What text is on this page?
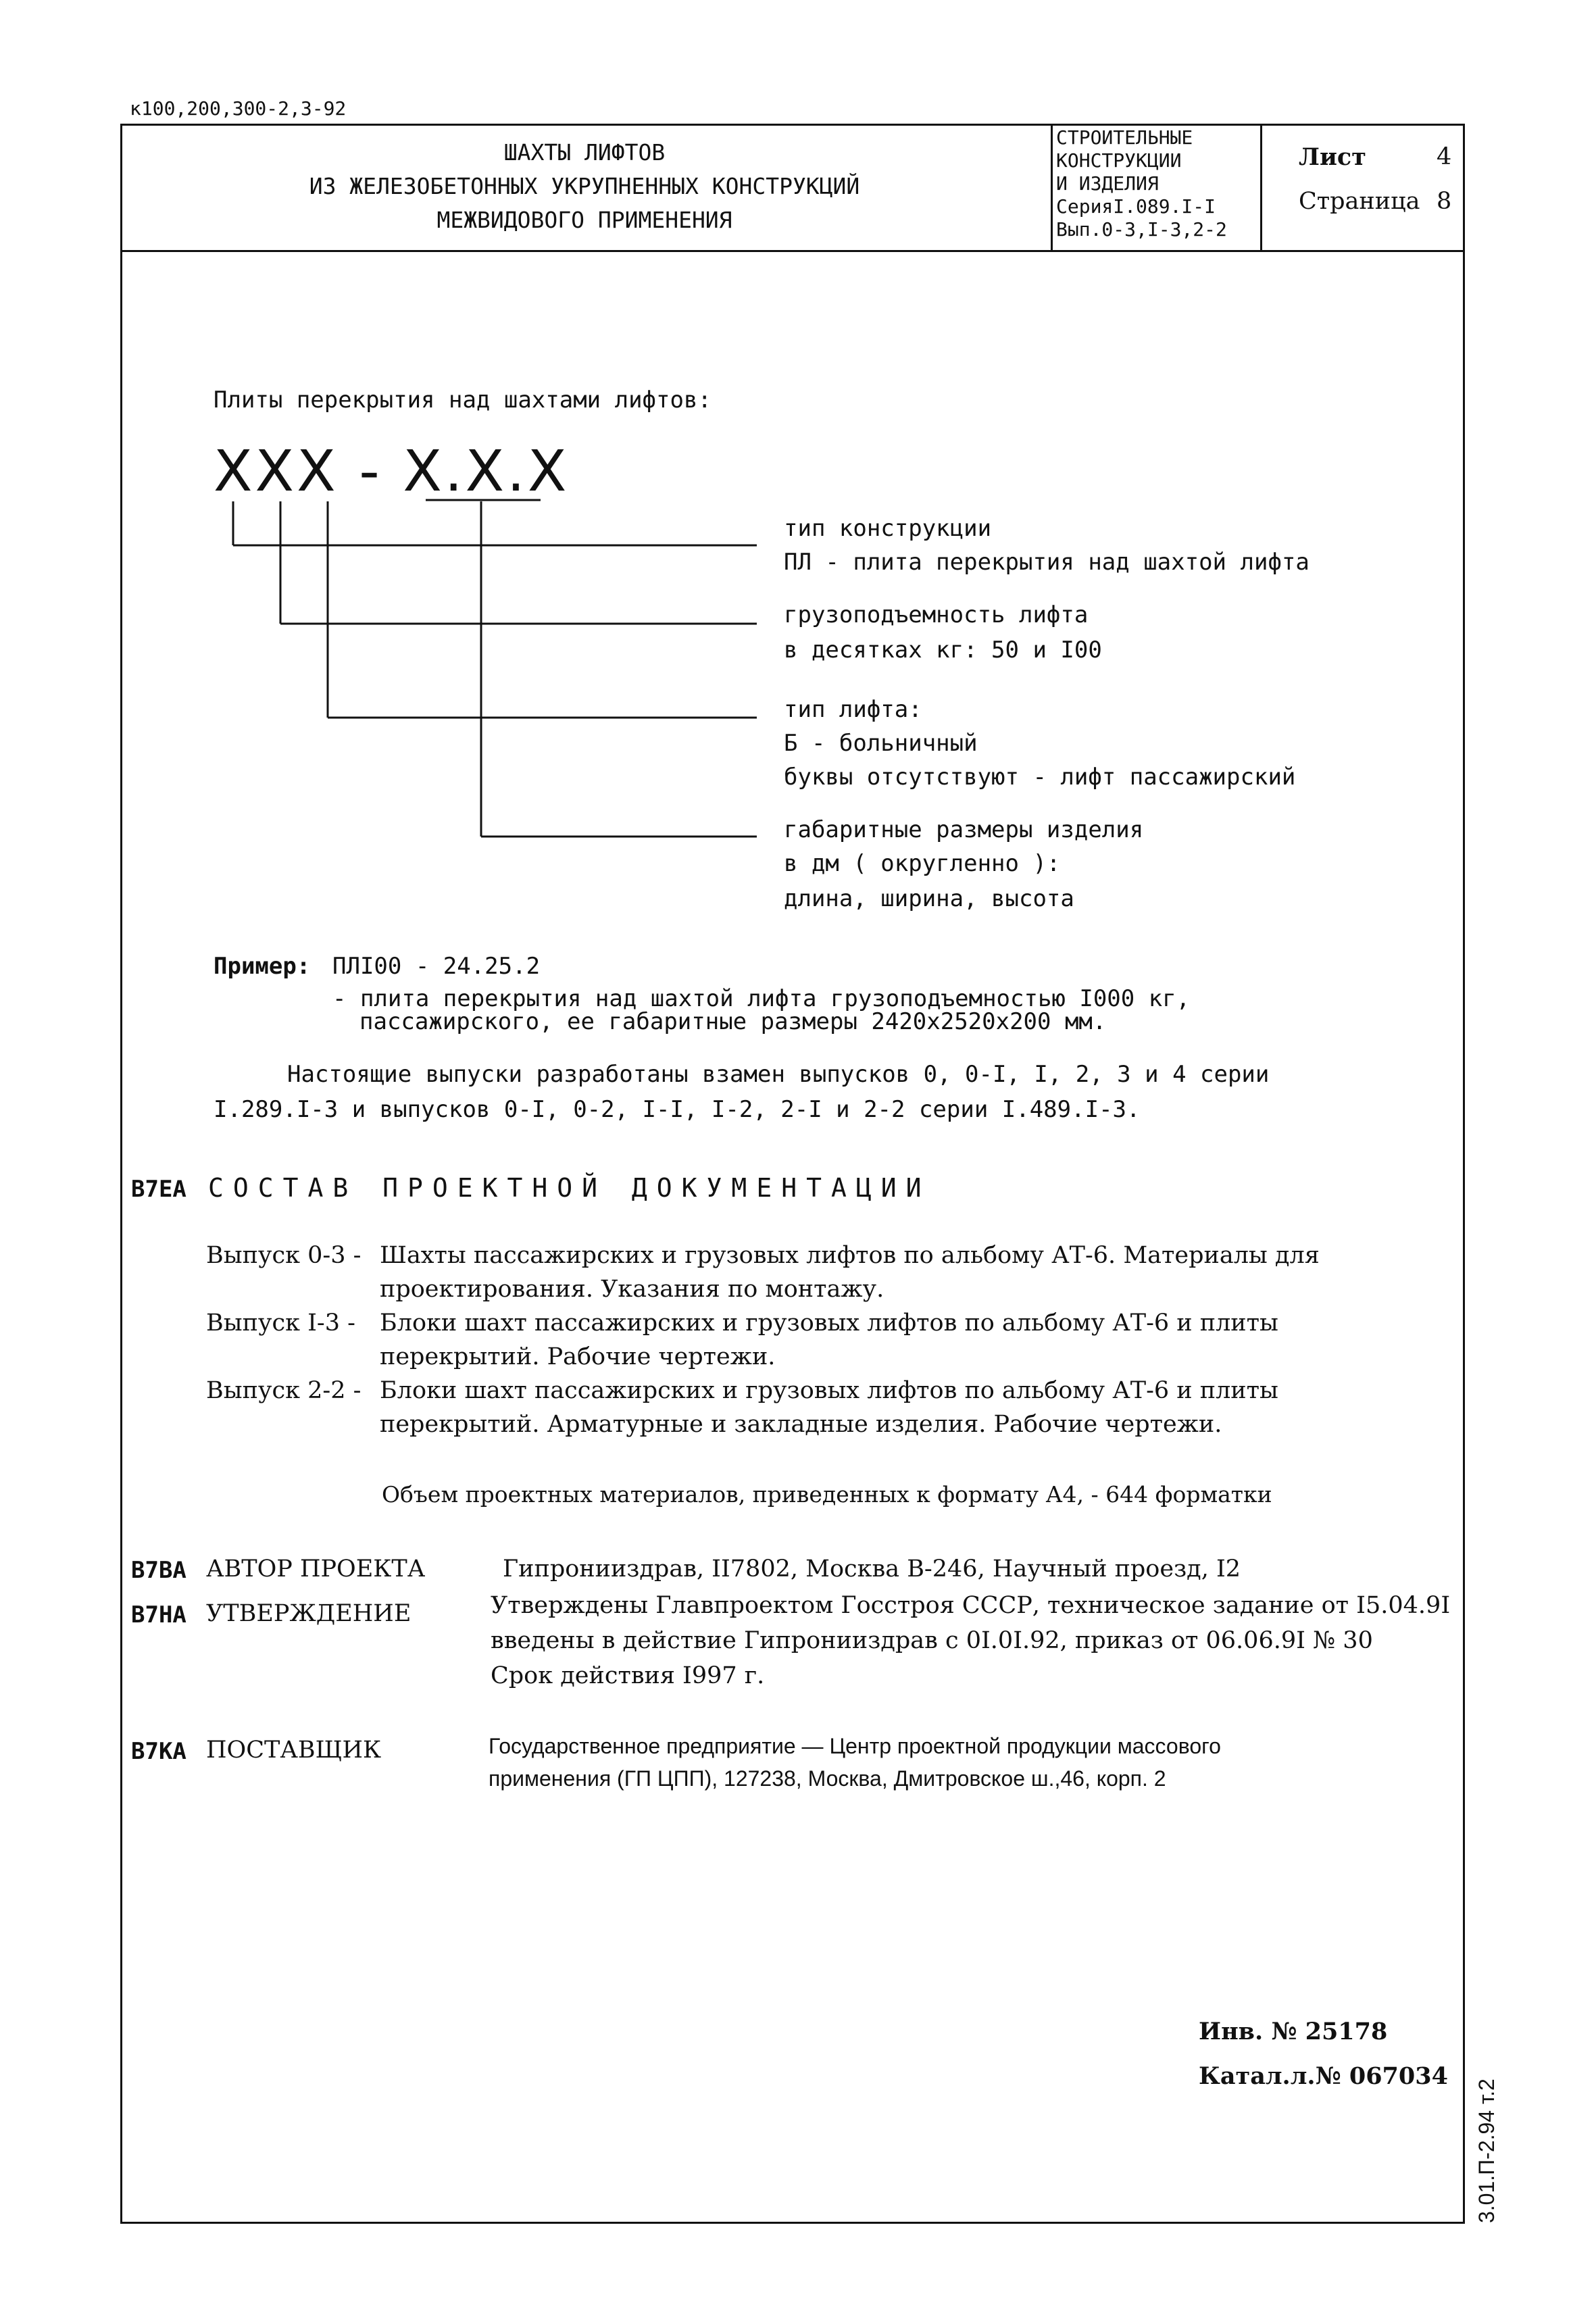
к100,200,300-2,3-92
ШАХТЫ ЛИФТОВ
ИЗ ЖЕЛЕЗОБЕТОННЫХ УКРУПНЕННЫХ КОНСТРУКЦИЙ
МЕЖВИДОВОГО ПРИМЕНЕНИЯ
СТРОИТЕЛЬНЫЕ
КОНСТРУКЦИИ
И ИЗДЕЛИЯ
СерияI.089.I-I
Вып.0-3,I-3,2-2
Лист	4
Страница 8
Плиты перекрытия над шахтами лифтов:
ХХХ - Х.Х.Х
тип конструкции
ПЛ - плита перекрытия над шахтой лифта
грузоподъемность лифта
в десятках кг: 50 и I00
тип лифта:
Б - больничный
буквы отсутствуют - лифт пассажирский
габаритные размеры изделия
в дм ( округленно ):
длина, ширина, высота
Пример: ПЛI00 - 24.25.2
- плита перекрытия над шахтой лифта грузоподъемностью I000 кг,
пассажирского, ее габаритные размеры 2420x2520x200 мм.
Настоящие выпуски разработаны взамен выпусков 0, 0-I, I, 2, 3 и 4 серии
I.289.I-3 и выпусков 0-I, 0-2, I-I, I-2, 2-I и 2-2 серии I.489.I-3.
В7ЕА СОСТАВ ПРОЕКТНОЙ ДОКУМЕНТАЦИИ
Выпуск 0-3 - Шахты пассажирских и грузовых лифтов по альбому АТ-6. Материалы для
проектирования. Указания по монтажу.
Выпуск I-3 - Блоки шахт пассажирских и грузовых лифтов по альбому АТ-6 и плиты
перекрытий. Рабочие чертежи.
Выпуск 2-2 - Блоки шахт пассажирских и грузовых лифтов по альбому АТ-6 и плиты
перекрытий. Арматурные и закладные изделия. Рабочие чертежи.
Объем проектных материалов, приведенных к формату А4, - 644 форматки
В7ВА АВТОР ПРОЕКТА	Гипронииздрав, II7802, Москва В-246, Научный проезд, I2
В7НА УТВЕРЖДЕНИЕ	Утверждены Главпроектом Госстроя СССР, техническое задание от I5.04.9I
введены в действие Гипронииздрав с 0I.0I.92, приказ от 06.06.9I № 30
Срок действия I997 г.
В7КА ПОСТАВЩИК	Государственное предприятие — Центр проектной продукции массового
применения (ГП ЦПП), 127238, Москва, Дмитровское ш.,46, корп. 2
Инв. № 25178
Катал.л.№ 067034
3.01.П-2.94 т.2
